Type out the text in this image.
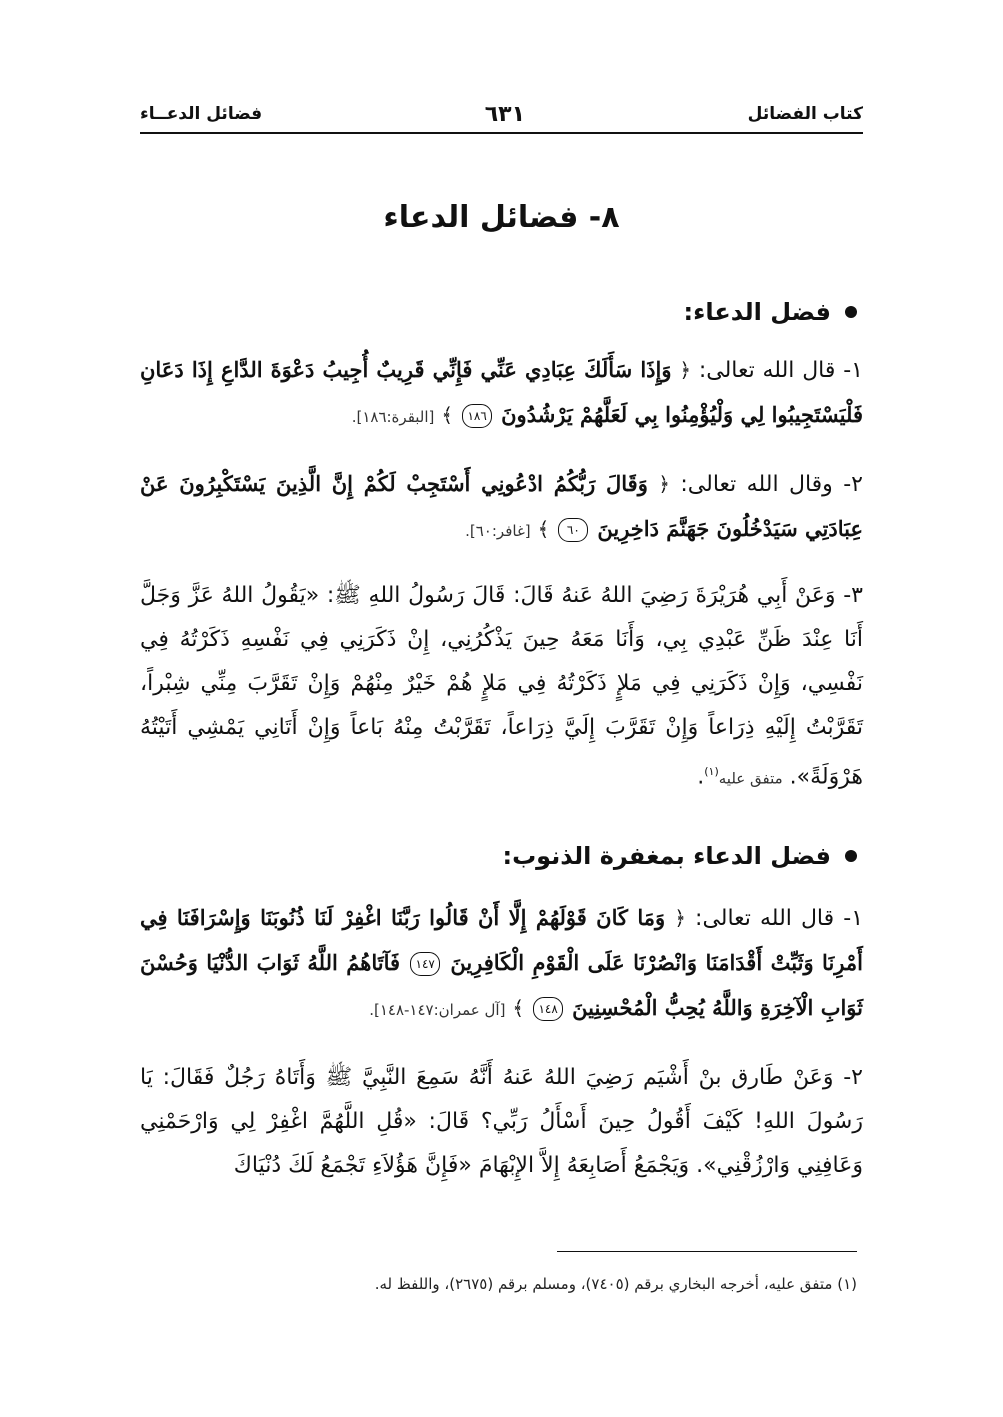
كتاب الفضائل
٦٣١
فضائل الدعــاء
٨- فضائل الدعاء
فضل الدعاء:
١- قال الله تعالى: ﴿ وَإِذَا سَأَلَكَ عِبَادِي عَنِّي فَإِنِّي قَرِيبٌ أُجِيبُ دَعْوَةَ الدَّاعِ إِذَا دَعَانِ فَلْيَسْتَجِيبُوا لِي وَلْيُؤْمِنُوا بِي لَعَلَّهُمْ يَرْشُدُونَ ١٨٦ ﴾ [البقرة:١٨٦].
٢- وقال الله تعالى: ﴿ وَقَالَ رَبُّكُمُ ادْعُونِي أَسْتَجِبْ لَكُمْ إِنَّ الَّذِينَ يَسْتَكْبِرُونَ عَنْ عِبَادَتِي سَيَدْخُلُونَ جَهَنَّمَ دَاخِرِينَ ٦٠ ﴾ [غافر:٦٠].
٣- وَعَنْ أَبِي هُرَيْرَةَ رَضِيَ اللهُ عَنهُ قَالَ: قَالَ رَسُولُ اللهِ ﷺ: «يَقُولُ اللهُ عَزَّ وَجَلَّ أَنَا عِنْدَ ظَنِّ عَبْدِي بِي، وَأَنَا مَعَهُ حِينَ يَذْكُرُنِي، إِنْ ذَكَرَنِي فِي نَفْسِهِ ذَكَرْتُهُ فِي نَفْسِي، وَإِنْ ذَكَرَنِي فِي مَلإٍ ذَكَرْتُهُ فِي مَلإٍ هُمْ خَيْرٌ مِنْهُمْ وَإِنْ تَقَرَّبَ مِنِّي شِبْراً، تَقَرَّبْتُ إِلَيْهِ ذِرَاعاً وَإِنْ تَقَرَّبَ إِلَيَّ ذِرَاعاً، تَقَرَّبْتُ مِنْهُ بَاعاً وَإِنْ أَتَانِي يَمْشِي أَتَيْتُهُ هَرْوَلَةً». متفق عليه$^{(١)}$.
فضل الدعاء بمغفرة الذنوب:
١- قال الله تعالى: ﴿ وَمَا كَانَ قَوْلَهُمْ إِلَّا أَنْ قَالُوا رَبَّنَا اغْفِرْ لَنَا ذُنُوبَنَا وَإِسْرَافَنَا فِي أَمْرِنَا وَثَبِّتْ أَقْدَامَنَا وَانْصُرْنَا عَلَى الْقَوْمِ الْكَافِرِينَ ١٤٧ فَآتَاهُمُ اللَّهُ ثَوَابَ الدُّنْيَا وَحُسْنَ ثَوَابِ الْآخِرَةِ وَاللَّهُ يُحِبُّ الْمُحْسِنِينَ ١٤٨ ﴾ [آل عمران:١٤٧-١٤٨].
٢- وَعَنْ طَارق بنْ أَشْيَم رَضِيَ اللهُ عَنهُ أَنَّهُ سَمِعَ النَّبِيَّ ﷺ وَأَتَاهُ رَجُلٌ فَقَالَ: يَا رَسُولَ اللهِ! كَيْفَ أَقُولُ حِينَ أَسْأَلُ رَبِّي؟ قَالَ: «قُلِ اللَّهُمَّ اغْفِرْ لِي وَارْحَمْنِي وَعَافِنِي وَارْزُقْنِي». وَيَجْمَعُ أَصَابِعَهُ إِلاَّ الإِبْهَامَ «فَإِنَّ هَؤُلاَءِ تَجْمَعُ لَكَ دُنْيَاكَ
(١) متفق عليه، أخرجه البخاري برقم (٧٤٠٥)، ومسلم برقم (٢٦٧٥)، واللفظ له.
